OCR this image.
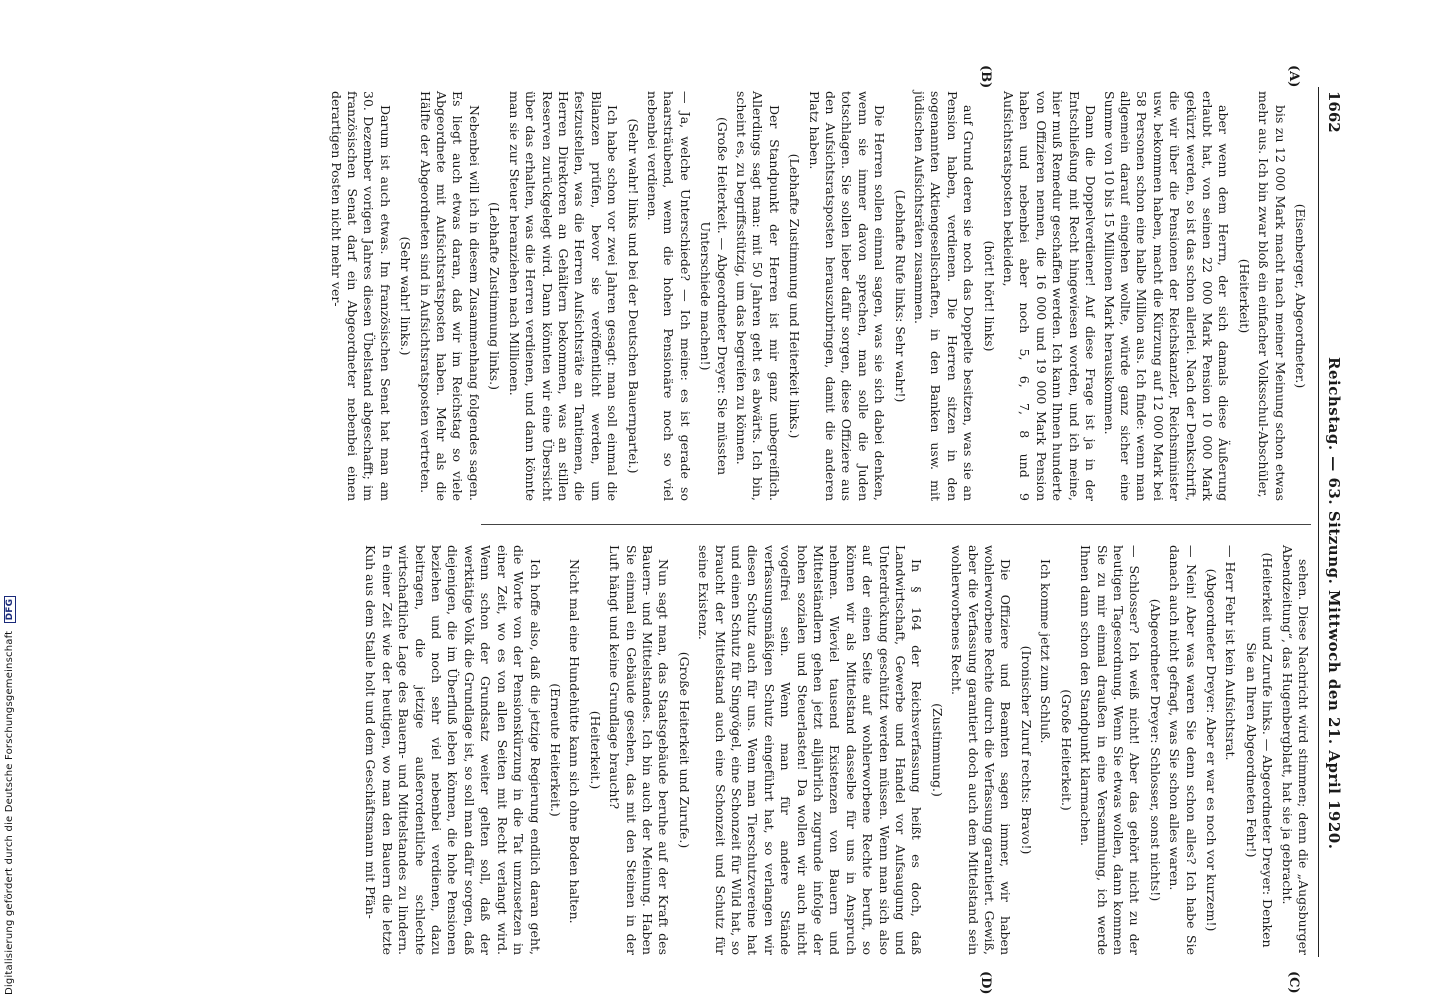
Digitalisierung gefördert durch die Deutsche Forschungsgemeinschaft DFG
1662
Reichstag. — 63. Sitzung. Mittwoch den 21. April 1920.
(A)
(B)
(C)
(D)

(Eisenberger, Abgeordneter.)

bis zu 12 000 Mark macht nach meiner Meinung schon etwas mehr aus. Ich bin zwar bloß ein einfacher Volksschul-Abschüler,

(Heiterkeit)

aber wenn dem Herrn, der sich damals diese Äußerung erlaubt hat, von seinen 22 000 Mark Pension 10 000 Mark gekürzt werden, so ist das schon allerlei. Nach der Denkschrift, die wir über die Pensionen der Reichskanzler, Reichsminister usw. bekommen haben, macht die Kürzung auf 12 000 Mark bei 58 Personen schon eine halbe Million aus. Ich finde: wenn man allgemein darauf eingehen wollte, würde ganz sicher eine Summe von 10 bis 15 Millionen Mark herauskommen.

Dann die Doppelverdiener! Auf diese Frage ist ja in der Entschließung mit Recht hingewiesen worden, und ich meine, hier muß Remedur geschaffen werden. Ich kann Ihnen hunderte von Offizieren nennen, die 16 000 und 19 000 Mark Pension haben und nebenbei aber noch 5, 6, 7, 8 und 9 Aufsichtsratsposten bekleiden,

(hört! hört! links)

auf Grund deren sie noch das Doppelte besitzen, was sie an Pension haben, verdienen. Die Herren sitzen in den sogenannten Aktiengesellschaften, in den Banken usw. mit jüdischen Aufsichtsräten zusammen.

(Lebhafte Rufe links: Sehr wahr!)

Die Herren sollen einmal sagen, was sie sich dabei denken, wenn sie immer davon sprechen, man solle die Juden totschlagen. Sie sollen lieber dafür sorgen, diese Offiziere aus den Aufsichtsratsposten herauszubringen, damit die anderen Platz haben.

(Lebhafte Zustimmung und Heiterkeit links.)

Der Standpunkt der Herren ist mir ganz unbegreiflich. Allerdings sagt man: mit 50 Jahren geht es abwärts. Ich bin, scheint es, zu begriffsstützig, um das begreifen zu können.

(Große Heiterkeit. — Abgeordneter Dreyer: Sie müssten Unterschiede machen!)

— Ja, welche Unterschiede? — Ich meine: es ist gerade so haarsträubend, wenn die hohen Pensionäre noch so viel nebenbei verdienen.

(Sehr wahr! links und bei der Deutschen Bauernpartei.)

Ich habe schon vor zwei Jahren gesagt: man soll einmal die Bilanzen prüfen, bevor sie veröffentlicht werden, um festzustellen, was die Herren Aufsichtsräte an Tantiemen, die Herren Direktoren an Gehältern bekommen, was an stillen Reserven zurückgelegt wird. Dann könnten wir eine Übersicht über das erhalten, was die Herren verdienen, und dann könnte man sie zur Steuer heranziehen nach Millionen.

(Lebhafte Zustimmung links.)

Nebenbei will ich in diesem Zusammenhang folgendes sagen. Es liegt auch etwas daran, daß wir im Reichstag so viele Abgeordnete mit Aufsichtsratsposten haben. Mehr als die Hälfte der Abgeordneten sind in Aufsichtsratsposten vertreten.

(Sehr wahr! links.)

Darum ist auch etwas. Im französischen Senat hat man am 30. Dezember vorigen Jahres diesen Übelstand abgeschafft; im französischen Senat darf ein Abgeordneter nebenbei einen derartigen Posten nicht mehr ver-

sehen. Diese Nachricht wird stimmen; denn die „Augsburger Abendzeitung“, das Hugenbergblatt, hat sie ja gebracht.

(Heiterkeit und Zurufe links. — Abgeordneter Dreyer: Denken Sie an Ihren Abgeordneten Fehr!)

— Herr Fehr ist kein Aufsichtsrat.

(Abgeordneter Dreyer: Aber er war es noch vor kurzem!)

— Nein! Aber was waren Sie denn schon alles? Ich habe Sie danach auch nicht gefragt, was Sie schon alles waren.

(Abgeordneter Dreyer: Schlosser, sonst nichts!)

— Schlosser? Ich weiß nicht! Aber das gehört nicht zu der heutigen Tagesordnung. Wenn Sie etwas wollen, dann kommen Sie zu mir einmal draußen in eine Versammlung, ich werde Ihnen dann schon den Standpunkt klarmachen.

(Große Heiterkeit.)

Ich komme jetzt zum Schluß.

(Ironischer Zuruf rechts: Bravo!)

Die Offiziere und Beamten sagen immer, wir haben wohlerworbene Rechte durch die Verfassung garantiert. Gewiß, aber die Verfassung garantiert doch auch dem Mittelstand sein wohlerworbenes Recht.

(Zustimmung.)

In § 164 der Reichsverfassung heißt es doch, daß Landwirtschaft, Gewerbe und Handel vor Aufsaugung und Unterdrückung geschützt werden müssen. Wenn man sich also auf der einen Seite auf wohlerworbene Rechte beruft, so können wir als Mittelstand dasselbe für uns in Anspruch nehmen. Wieviel tausend Existenzen von Bauern und Mittelständlern gehen jetzt alljährlich zugrunde infolge der hohen sozialen und Steuerlasten! Da wollen wir auch nicht vogelfrei sein. Wenn man für andere Stände verfassungsmäßigen Schutz eingeführt hat, so verlangen wir diesen Schutz auch für uns. Wenn man Tierschutzvereine hat und einen Schutz für Singvögel, eine Schonzeit für Wild hat, so braucht der Mittelstand auch eine Schonzeit und Schutz für seine Existenz.

(Große Heiterkeit und Zurufe.)

Nun sagt man, das Staatsgebäude beruhe auf der Kraft des Bauern- und Mittelstandes. Ich bin auch der Meinung. Haben Sie einmal ein Gebäude gesehen, das mit den Steinen in der Luft hängt und keine Grundlage braucht?

(Heiterkeit.)

Nicht mal eine Hundehütte kann sich ohne Boden halten.

(Erneute Heiterkeit.)

Ich hoffe also, daß die jetzige Regierung endlich daran geht, die Worte von der Pensionskürzung in die Tat umzusetzen in einer Zeit, wo es von allen Seiten mit Recht verlangt wird. Wenn schon der Grundsatz weiter gelten soll, daß der werktätige Volk die Grundlage ist, so soll man dafür sorgen, daß diejenigen, die im Überfluß leben können, die hohe Pensionen beziehen und noch sehr viel nebenbei verdienen, dazu beitragen, die jetzige außerordentliche schlechte wirtschaftliche Lage des Bauern- und Mittelstandes zu lindern. In einer Zeit wie der heutigen, wo man den Bauern die letzte Kuh aus dem Stalle holt und dem Geschäftsmann mit Pfän-
